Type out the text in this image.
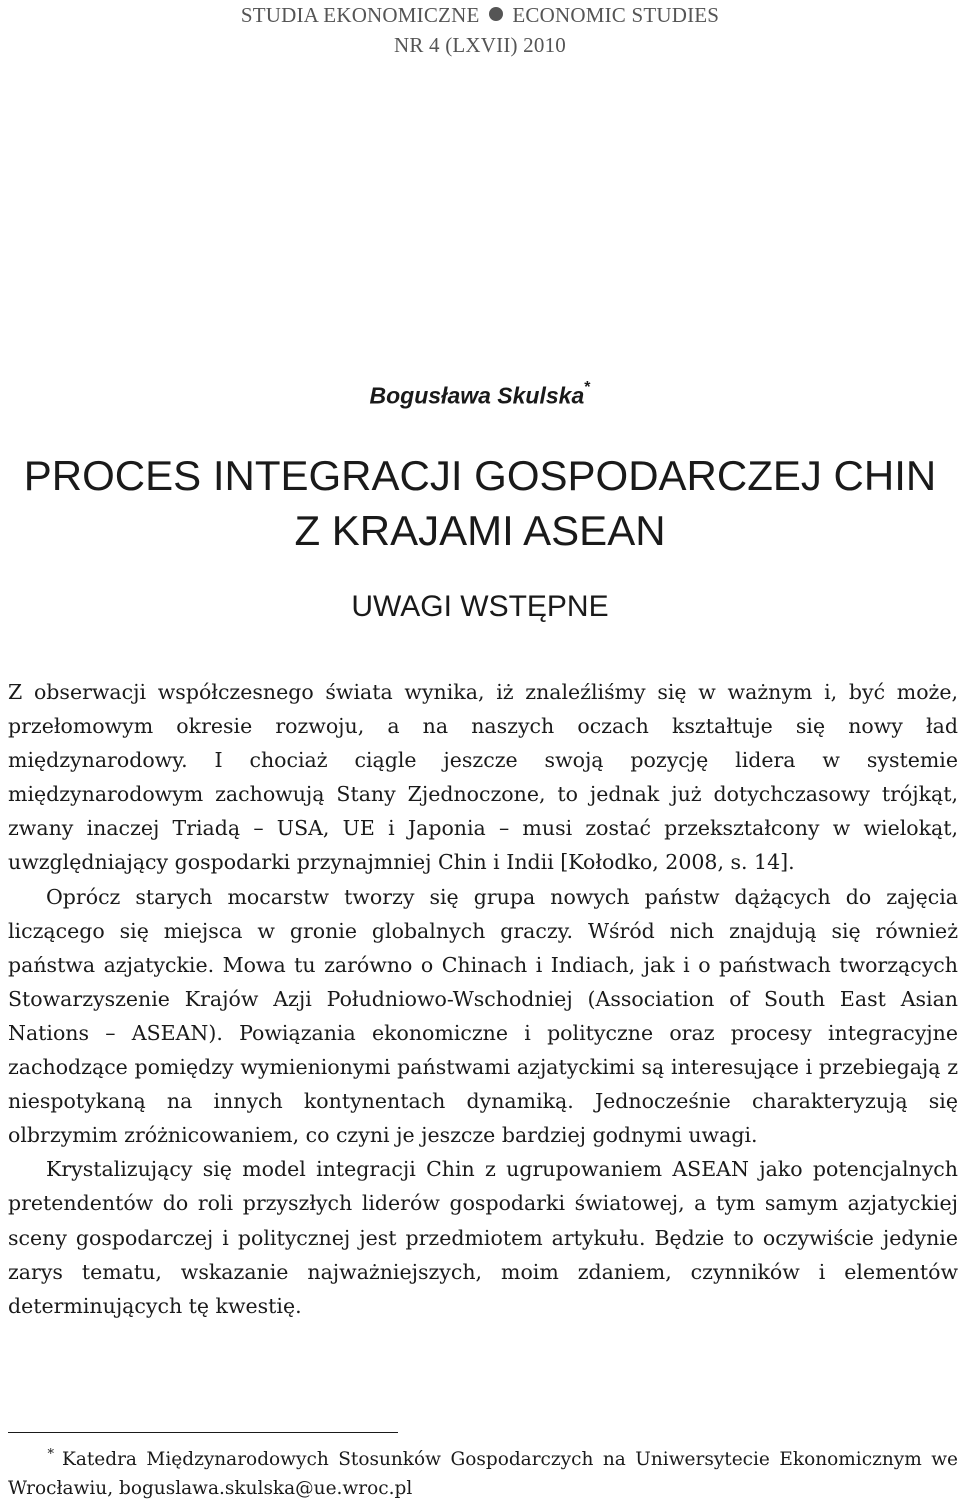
STUDIA EKONOMICZNE ECONOMIC STUDIES
NR 4 (LXVII) 2010
Bogusława Skulska*
PROCES INTEGRACJI GOSPODARCZEJ CHIN
Z KRAJAMI ASEAN
UWAGI WSTĘPNE

Z obserwacji współczesnego świata wynika, iż znaleźliśmy się w ważnym i, być może, przełomowym okresie rozwoju, a na naszych oczach kształtuje się nowy ład międzynarodowy. I chociaż ciągle jeszcze swoją pozycję lidera w systemie międzynarodowym zachowują Stany Zjednoczone, to jednak już dotychczasowy trójkąt, zwany inaczej Triadą – USA, UE i Japonia – musi zostać przekształcony w wielokąt, uwzględniający gospodarki przynajmniej Chin i Indii [Kołodko, 2008, s. 14].

Oprócz starych mocarstw tworzy się grupa nowych państw dążących do zajęcia liczącego się miejsca w gronie globalnych graczy. Wśród nich znajdują się również państwa azjatyckie. Mowa tu zarówno o Chinach i Indiach, jak i o państwach tworzących Stowarzyszenie Krajów Azji Południowo-Wschodniej (Association of South East Asian Nations – ASEAN). Powiązania ekonomiczne i polityczne oraz procesy integracyjne zachodzące pomiędzy wymienionymi państwami azjatyckimi są interesujące i przebiegają z niespotykaną na innych kontynentach dynamiką. Jednocześnie charakteryzują się olbrzymim zróżnicowaniem, co czyni je jeszcze bardziej godnymi uwagi.

Krystalizujący się model integracji Chin z ugrupowaniem ASEAN jako potencjalnych pretendentów do roli przyszłych liderów gospodarki światowej, a tym samym azjatyckiej sceny gospodarczej i politycznej jest przedmiotem artykułu. Będzie to oczywiście jedynie zarys tematu, wskazanie najważniejszych, moim zdaniem, czynników i elementów determinujących tę kwestię.

* Katedra Międzynarodowych Stosunków Gospodarczych na Uniwersytecie Ekonomicznym we Wrocławiu, boguslawa.skulska@ue.wroc.pl
